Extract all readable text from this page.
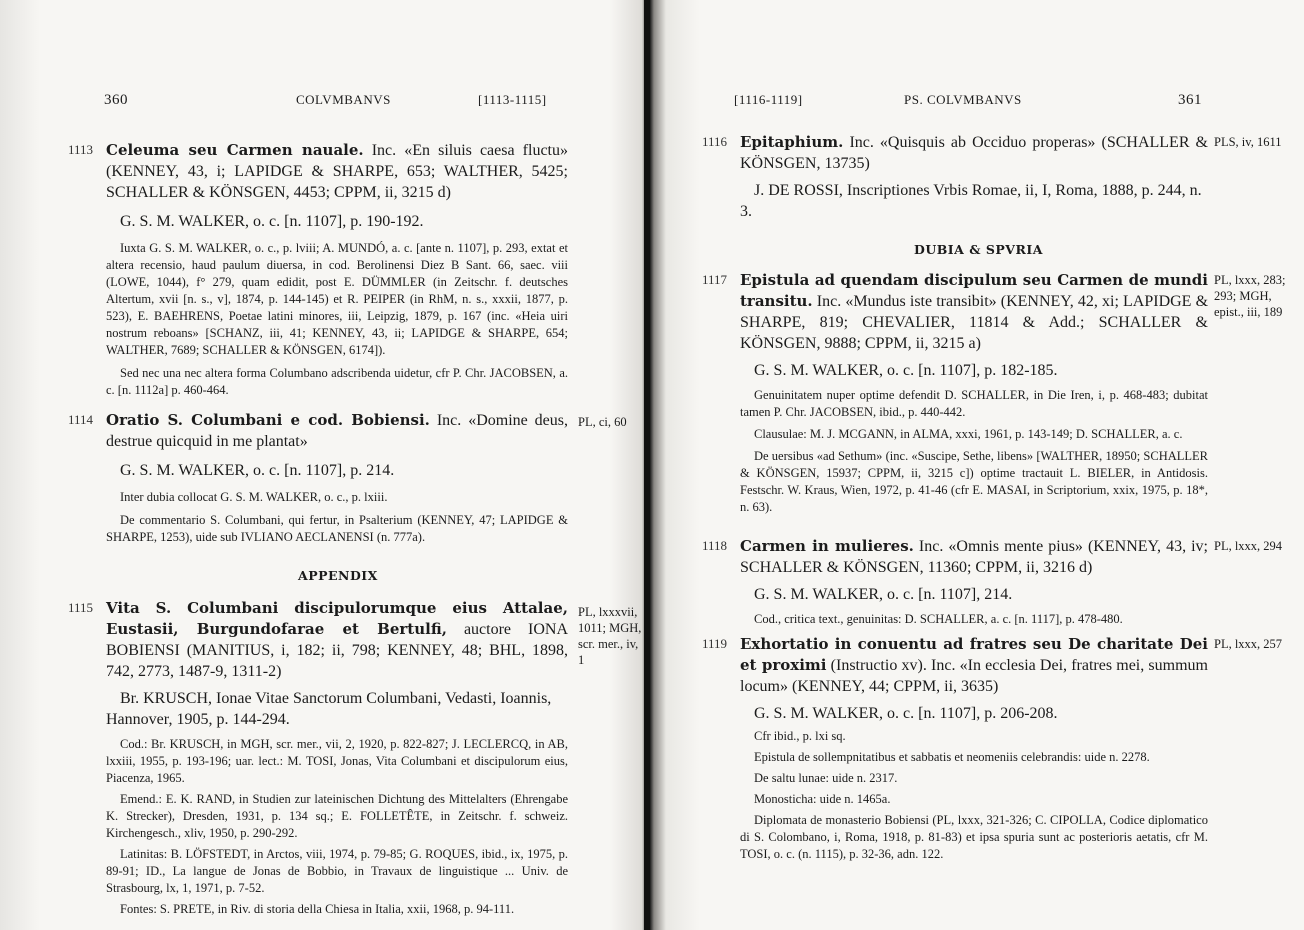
360	COLVMBANVS	[1113-1115]
1113 Celeuma seu Carmen nauale. Inc. «En siluis caesa fluctu» (KENNEY, 43, i; LAPIDGE & SHARPE, 653; WALTHER, 5425; SCHALLER & KÖNSGEN, 4453; CPPM, ii, 3215 d)
G. S. M. WALKER, o. c. [n. 1107], p. 190-192.
Iuxta G. S. M. WALKER, o. c., p. lviii; A. MUNDÓ, a. c. [ante n. 1107], p. 293, extat et altera recensio, haud paulum diuersa, in cod. Berolinensi Diez B Sant. 66, saec. viii (LOWE, 1044), f° 279, quam edidit, post E. DÜMMLER (in Zeitschr. f. deutsches Altertum, xvii [n. s., v], 1874, p. 144-145) et R. PEIPER (in RhM, n. s., xxxii, 1877, p. 523), E. BAEHRENS, Poetae latini minores, iii, Leipzig, 1879, p. 167 (inc. «Heia uiri nostrum reboans» [SCHANZ, iii, 41; KENNEY, 43, ii; LAPIDGE & SHARPE, 654; WALTHER, 7689; SCHALLER & KÖNSGEN, 6174]).
Sed nec una nec altera forma Columbano adscribenda uidetur, cfr P. Chr. JACOBSEN, a. c. [n. 1112a] p. 460-464.
1114 Oratio S. Columbani e cod. Bobiensi. Inc. «Domine deus, destrue quicquid in me plantat»
G. S. M. WALKER, o. c. [n. 1107], p. 214.
Inter dubia collocat G. S. M. WALKER, o. c., p. lxiii.
De commentario S. Columbani, qui fertur, in Psalterium (KENNEY, 47; LAPIDGE & SHARPE, 1253), uide sub IVLIANO AECLANENSI (n. 777a).
PL, ci, 60
APPENDIX
1115 Vita S. Columbani discipulorumque eius Attalae, Eustasii, Burgundofarae et Bertulfi, auctore IONA BOBIENSI (MANITIUS, i, 182; ii, 798; KENNEY, 48; BHL, 1898, 742, 2773, 1487-9, 1311-2)
Br. KRUSCH, Ionae Vitae Sanctorum Columbani, Vedasti, Ioannis, Hannover, 1905, p. 144-294.
Cod.: Br. KRUSCH, in MGH, scr. mer., vii, 2, 1920, p. 822-827; J. LECLERCQ, in AB, lxxiii, 1955, p. 193-196; uar. lect.: M. TOSI, Jonas, Vita Columbani et discipulorum eius, Piacenza, 1965.
Emend.: E. K. RAND, in Studien zur lateinischen Dichtung des Mittelalters (Ehrengabe K. Strecker), Dresden, 1931, p. 134 sq.; E. FOLLETÊTE, in Zeitschr. f. schweiz. Kirchengesch., xliv, 1950, p. 290-292.
Latinitas: B. LÖFSTEDT, in Arctos, viii, 1974, p. 79-85; G. ROQUES, ibid., ix, 1975, p. 89-91; ID., La langue de Jonas de Bobbio, in Travaux de linguistique ... Univ. de Strasbourg, lx, 1, 1971, p. 7-52.
Fontes: S. PRETE, in Riv. di storia della Chiesa in Italia, xxii, 1968, p. 94-111.
PL, lxxxvii, 1011; MGH, scr. mer., iv, 1
[1116-1119]	PS. COLVMBANVS	361
1116 Epitaphium. Inc. «Quisquis ab Occiduo properas» (SCHALLER & KÖNSGEN, 13735)
J. DE ROSSI, Inscriptiones Vrbis Romae, ii, I, Roma, 1888, p. 244, n. 3.
PLS, iv, 1611
DUBIA & SPVRIA
1117 Epistula ad quendam discipulum seu Carmen de mundi transitu. Inc. «Mundus iste transibit» (KENNEY, 42, xi; LAPIDGE & SHARPE, 819; CHEVALIER, 11814 & Add.; SCHALLER & KÖNSGEN, 9888; CPPM, ii, 3215 a)
G. S. M. WALKER, o. c. [n. 1107], p. 182-185.
Genuinitatem nuper optime defendit D. SCHALLER, in Die Iren, i, p. 468-483; dubitat tamen P. Chr. JACOBSEN, ibid., p. 440-442.
Clausulae: M. J. MCGANN, in ALMA, xxxi, 1961, p. 143-149; D. SCHALLER, a. c.
De uersibus «ad Sethum» (inc. «Suscipe, Sethe, libens» [WALTHER, 18950; SCHALLER & KÖNSGEN, 15937; CPPM, ii, 3215 c]) optime tractauit L. BIELER, in Antidosis. Festschr. W. Kraus, Wien, 1972, p. 41-46 (cfr E. MASAI, in Scriptorium, xxix, 1975, p. 18*, n. 63).
PL, lxxx, 283; 293; MGH, epist., iii, 189
1118 Carmen in mulieres. Inc. «Omnis mente pius» (KENNEY, 43, iv; SCHALLER & KÖNSGEN, 11360; CPPM, ii, 3216 d)
G. S. M. WALKER, o. c. [n. 1107], 214.
Cod., critica text., genuinitas: D. SCHALLER, a. c. [n. 1117], p. 478-480.
PL, lxxx, 294
1119 Exhortatio in conuentu ad fratres seu De charitate Dei et proximi (Instructio xv). Inc. «In ecclesia Dei, fratres mei, summum locum» (KENNEY, 44; CPPM, ii, 3635)
G. S. M. WALKER, o. c. [n. 1107], p. 206-208.
Cfr ibid., p. lxi sq.
Epistula de sollempnitatibus et sabbatis et neomeniis celebrandis: uide n. 2278.
De saltu lunae: uide n. 2317.
Monosticha: uide n. 1465a.
Diplomata de monasterio Bobiensi (PL, lxxx, 321-326; C. CIPOLLA, Codice diplomatico di S. Colombano, i, Roma, 1918, p. 81-83) et ipsa spuria sunt ac posterioris aetatis, cfr M. TOSI, o. c. (n. 1115), p. 32-36, adn. 122.
PL, lxxx, 257
